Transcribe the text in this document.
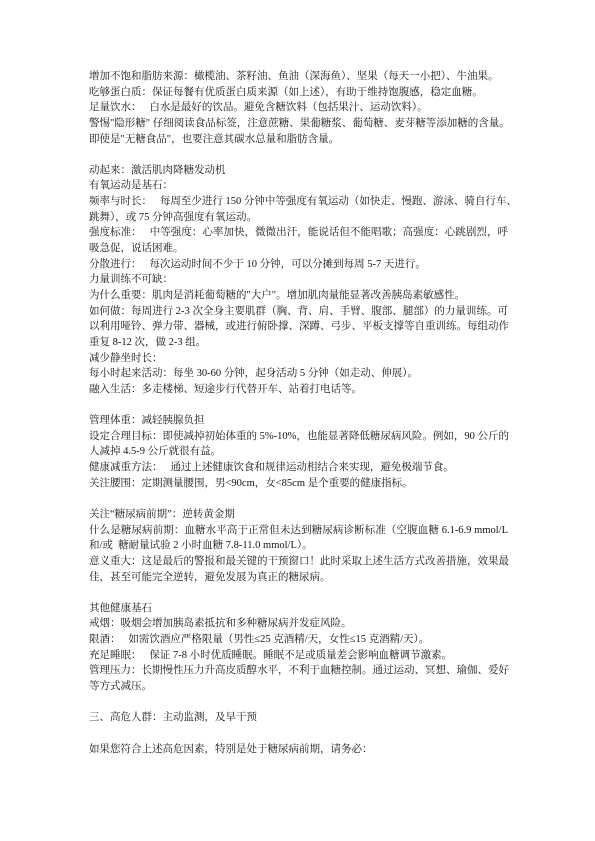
增加不饱和脂肪来源：橄榄油、茶籽油、鱼油（深海鱼）、坚果（每天一小把）、牛油果。
吃够蛋白质：保证每餐有优质蛋白质来源（如上述），有助于维持饱腹感，稳定血糖。
足量饮水：   白水是最好的饮品。避免含糖饮料（包括果汁、运动饮料）。
警惕"隐形糖" 仔细阅读食品标签，注意蔗糖、果葡糖浆、葡萄糖、麦芽糖等添加糖的含量。
即使是"无糖食品"，也要注意其碳水总量和脂肪含量。
动起来：激活肌肉降糖发动机
有氧运动是基石：
频率与时长：   每周至少进行 150 分钟中等强度有氧运动（如快走、慢跑、游泳、骑自行车、
跳舞），或 75 分钟高强度有氧运动。
强度标准：   中等强度：心率加快，微微出汗，能说话但不能唱歌；高强度：心跳剧烈，呼
吸急促，说话困难。
分散进行：   每次运动时间不少于 10 分钟，可以分摊到每周 5-7 天进行。
力量训练不可缺：
为什么重要：肌肉是消耗葡萄糖的"大户"。增加肌肉量能显著改善胰岛素敏感性。
如何做：每周进行 2-3 次全身主要肌群（胸、背、肩、手臂、腹部、腿部）的力量训练。可
以利用哑铃、弹力带、器械，或进行俯卧撑、深蹲、弓步、平板支撑等自重训练。每组动作
重复 8-12 次，做 2-3 组。
减少静坐时长：
每小时起来活动：每坐 30-60 分钟，起身活动 5 分钟（如走动、伸展）。
融入生活：多走楼梯、短途步行代替开车、站着打电话等。
管理体重：减轻胰腺负担
设定合理目标：即使减掉初始体重的 5%-10%，也能显著降低糖尿病风险。例如，90 公斤的
人减掉 4.5-9 公斤就很有益。
健康减重方法：   通过上述健康饮食和规律运动相结合来实现，避免极端节食。
关注腰围：定期测量腰围，男<90cm，女<85cm 是个重要的健康指标。
关注“糖尿病前期”：逆转黄金期
什么是糖尿病前期：血糖水平高于正常但未达到糖尿病诊断标准（空腹血糖 6.1-6.9 mmol/L
和/或  糖耐量试验 2 小时血糖 7.8-11.0 mmol/L）。
意义重大：这是最后的警报和最关键的干预窗口！此时采取上述生活方式改善措施，效果最
佳，甚至可能完全逆转，避免发展为真正的糖尿病。
其他健康基石
戒烟：吸烟会增加胰岛素抵抗和多种糖尿病并发症风险。
限酒：   如需饮酒应严格限量（男性≤25 克酒精/天，女性≤15 克酒精/天）。
充足睡眠：   保证 7-8 小时优质睡眠。睡眠不足或质量差会影响血糖调节激素。
管理压力：长期慢性压力升高皮质醇水平，不利于血糖控制。通过运动、冥想、瑜伽、爱好
等方式减压。
三、高危人群：主动监测，及早干预
如果您符合上述高危因素，特别是处于糖尿病前期，请务必：
